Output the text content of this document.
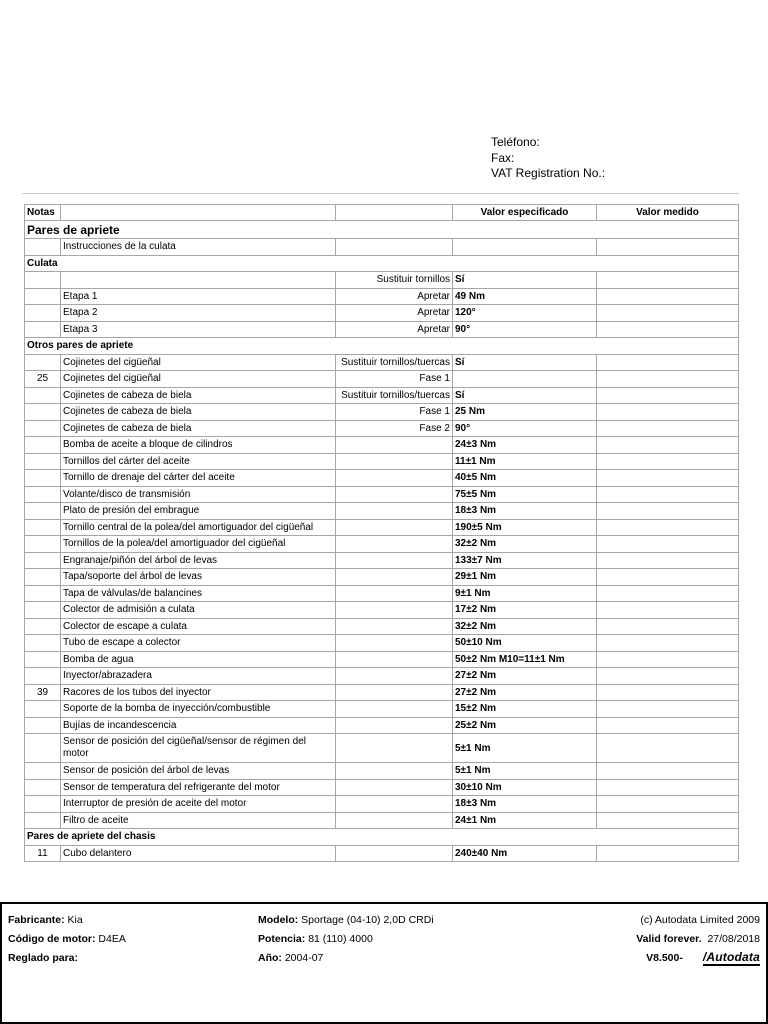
Teléfono:
Fax:
VAT Registration No.:
Notas			Valor especificado	Valor medido
Pares de apriete				
	Instrucciones de la culata			
Culata				
		Sustituir tornillos	Sí	
	Etapa 1	Apretar	49 Nm	
	Etapa 2	Apretar	120°	
	Etapa 3	Apretar	90°	
Otros pares de apriete				
	Cojinetes del cigüeñal	Sustituir tornillos/tuercas	Sí	
25	Cojinetes del cigüeñal	Fase 1		
	Cojinetes de cabeza de biela	Sustituir tornillos/tuercas	Sí	
	Cojinetes de cabeza de biela	Fase 1	25 Nm	
	Cojinetes de cabeza de biela	Fase 2	90°	
	Bomba de aceite a bloque de cilindros		24±3 Nm	
	Tornillos del cárter del aceite		11±1 Nm	
	Tornillo de drenaje del cárter del aceite		40±5 Nm	
	Volante/disco de transmisión		75±5 Nm	
	Plato de presión del embrague		18±3 Nm	
	Tornillo central de la polea/del amortiguador del cigüeñal		190±5 Nm	
	Tornillos de la polea/del amortiguador del cigüeñal		32±2 Nm	
	Engranaje/piñón del árbol de levas		133±7 Nm	
	Tapa/soporte del árbol de levas		29±1 Nm	
	Tapa de válvulas/de balancines		9±1 Nm	
	Colector de admisión a culata		17±2 Nm	
	Colector de escape a culata		32±2 Nm	
	Tubo de escape a colector		50±10 Nm	
	Bomba de agua		50±2 Nm M10=11±1 Nm	
	Inyector/abrazadera		27±2 Nm	
39	Racores de los tubos del inyector		27±2 Nm	
	Soporte de la bomba de inyección/combustible		15±2 Nm	
	Bujías de incandescencia		25±2 Nm	
	Sensor de posición del cigüeñal/sensor de régimen del motor		5±1 Nm	
	Sensor de posición del árbol de levas		5±1 Nm	
	Sensor de temperatura del refrigerante del motor		30±10 Nm	
	Interruptor de presión de aceite del motor		18±3 Nm	
	Filtro de aceite		24±1 Nm	
Pares de apriete del chasis				
11	Cubo delantero		240±40 Nm	
Fabricante: Kia
Código de motor: D4EA
Reglado para:
Modelo: Sportage (04-10) 2,0D CRDi
Potencia: 81 (110) 4000
Año: 2004-07
(c) Autodata Limited 2009
Valid forever. 27/08/2018
V8.500- /Autodata
